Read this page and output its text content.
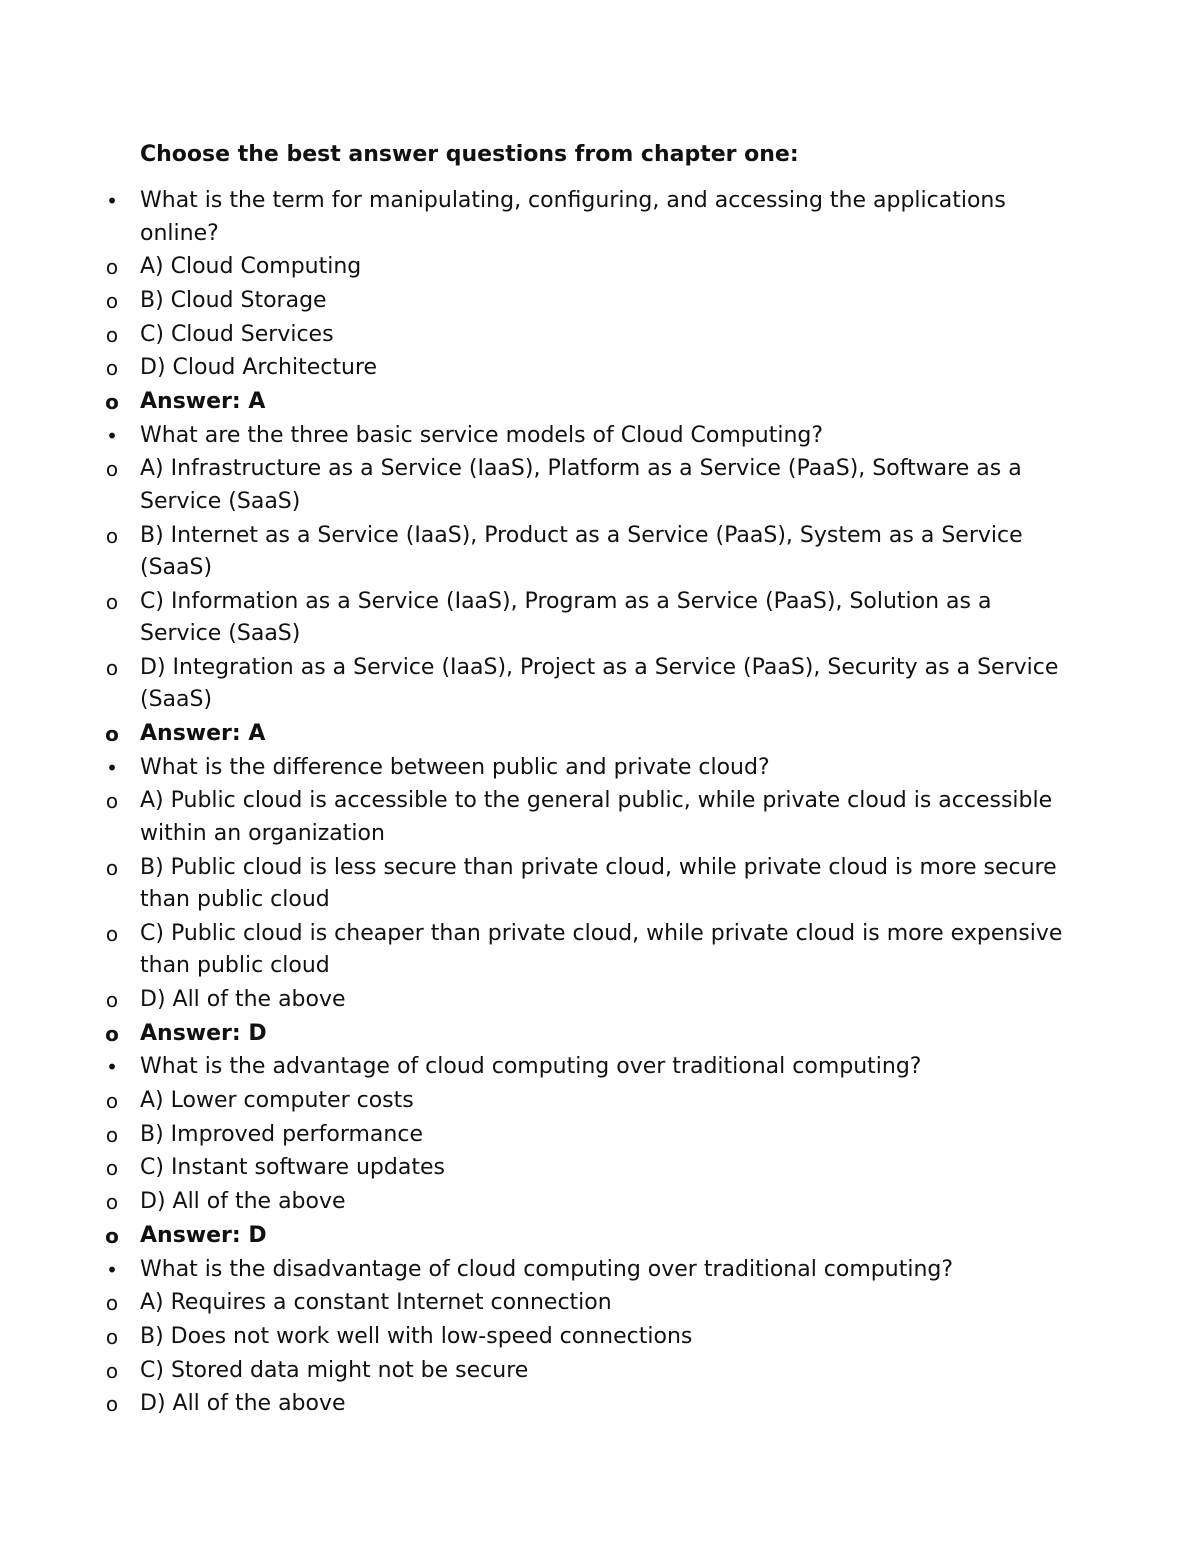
Choose the best answer questions from chapter one:
• What is the term for manipulating, configuring, and accessing the applications online?
o A) Cloud Computing
o B) Cloud Storage
o C) Cloud Services
o D) Cloud Architecture
o Answer: A
• What are the three basic service models of Cloud Computing?
o A) Infrastructure as a Service (IaaS), Platform as a Service (PaaS), Software as a Service (SaaS)
o B) Internet as a Service (IaaS), Product as a Service (PaaS), System as a Service (SaaS)
o C) Information as a Service (IaaS), Program as a Service (PaaS), Solution as a Service (SaaS)
o D) Integration as a Service (IaaS), Project as a Service (PaaS), Security as a Service (SaaS)
o Answer: A
• What is the difference between public and private cloud?
o A) Public cloud is accessible to the general public, while private cloud is accessible within an organization
o B) Public cloud is less secure than private cloud, while private cloud is more secure than public cloud
o C) Public cloud is cheaper than private cloud, while private cloud is more expensive than public cloud
o D) All of the above
o Answer: D
• What is the advantage of cloud computing over traditional computing?
o A) Lower computer costs
o B) Improved performance
o C) Instant software updates
o D) All of the above
o Answer: D
• What is the disadvantage of cloud computing over traditional computing?
o A) Requires a constant Internet connection
o B) Does not work well with low-speed connections
o C) Stored data might not be secure
o D) All of the above
